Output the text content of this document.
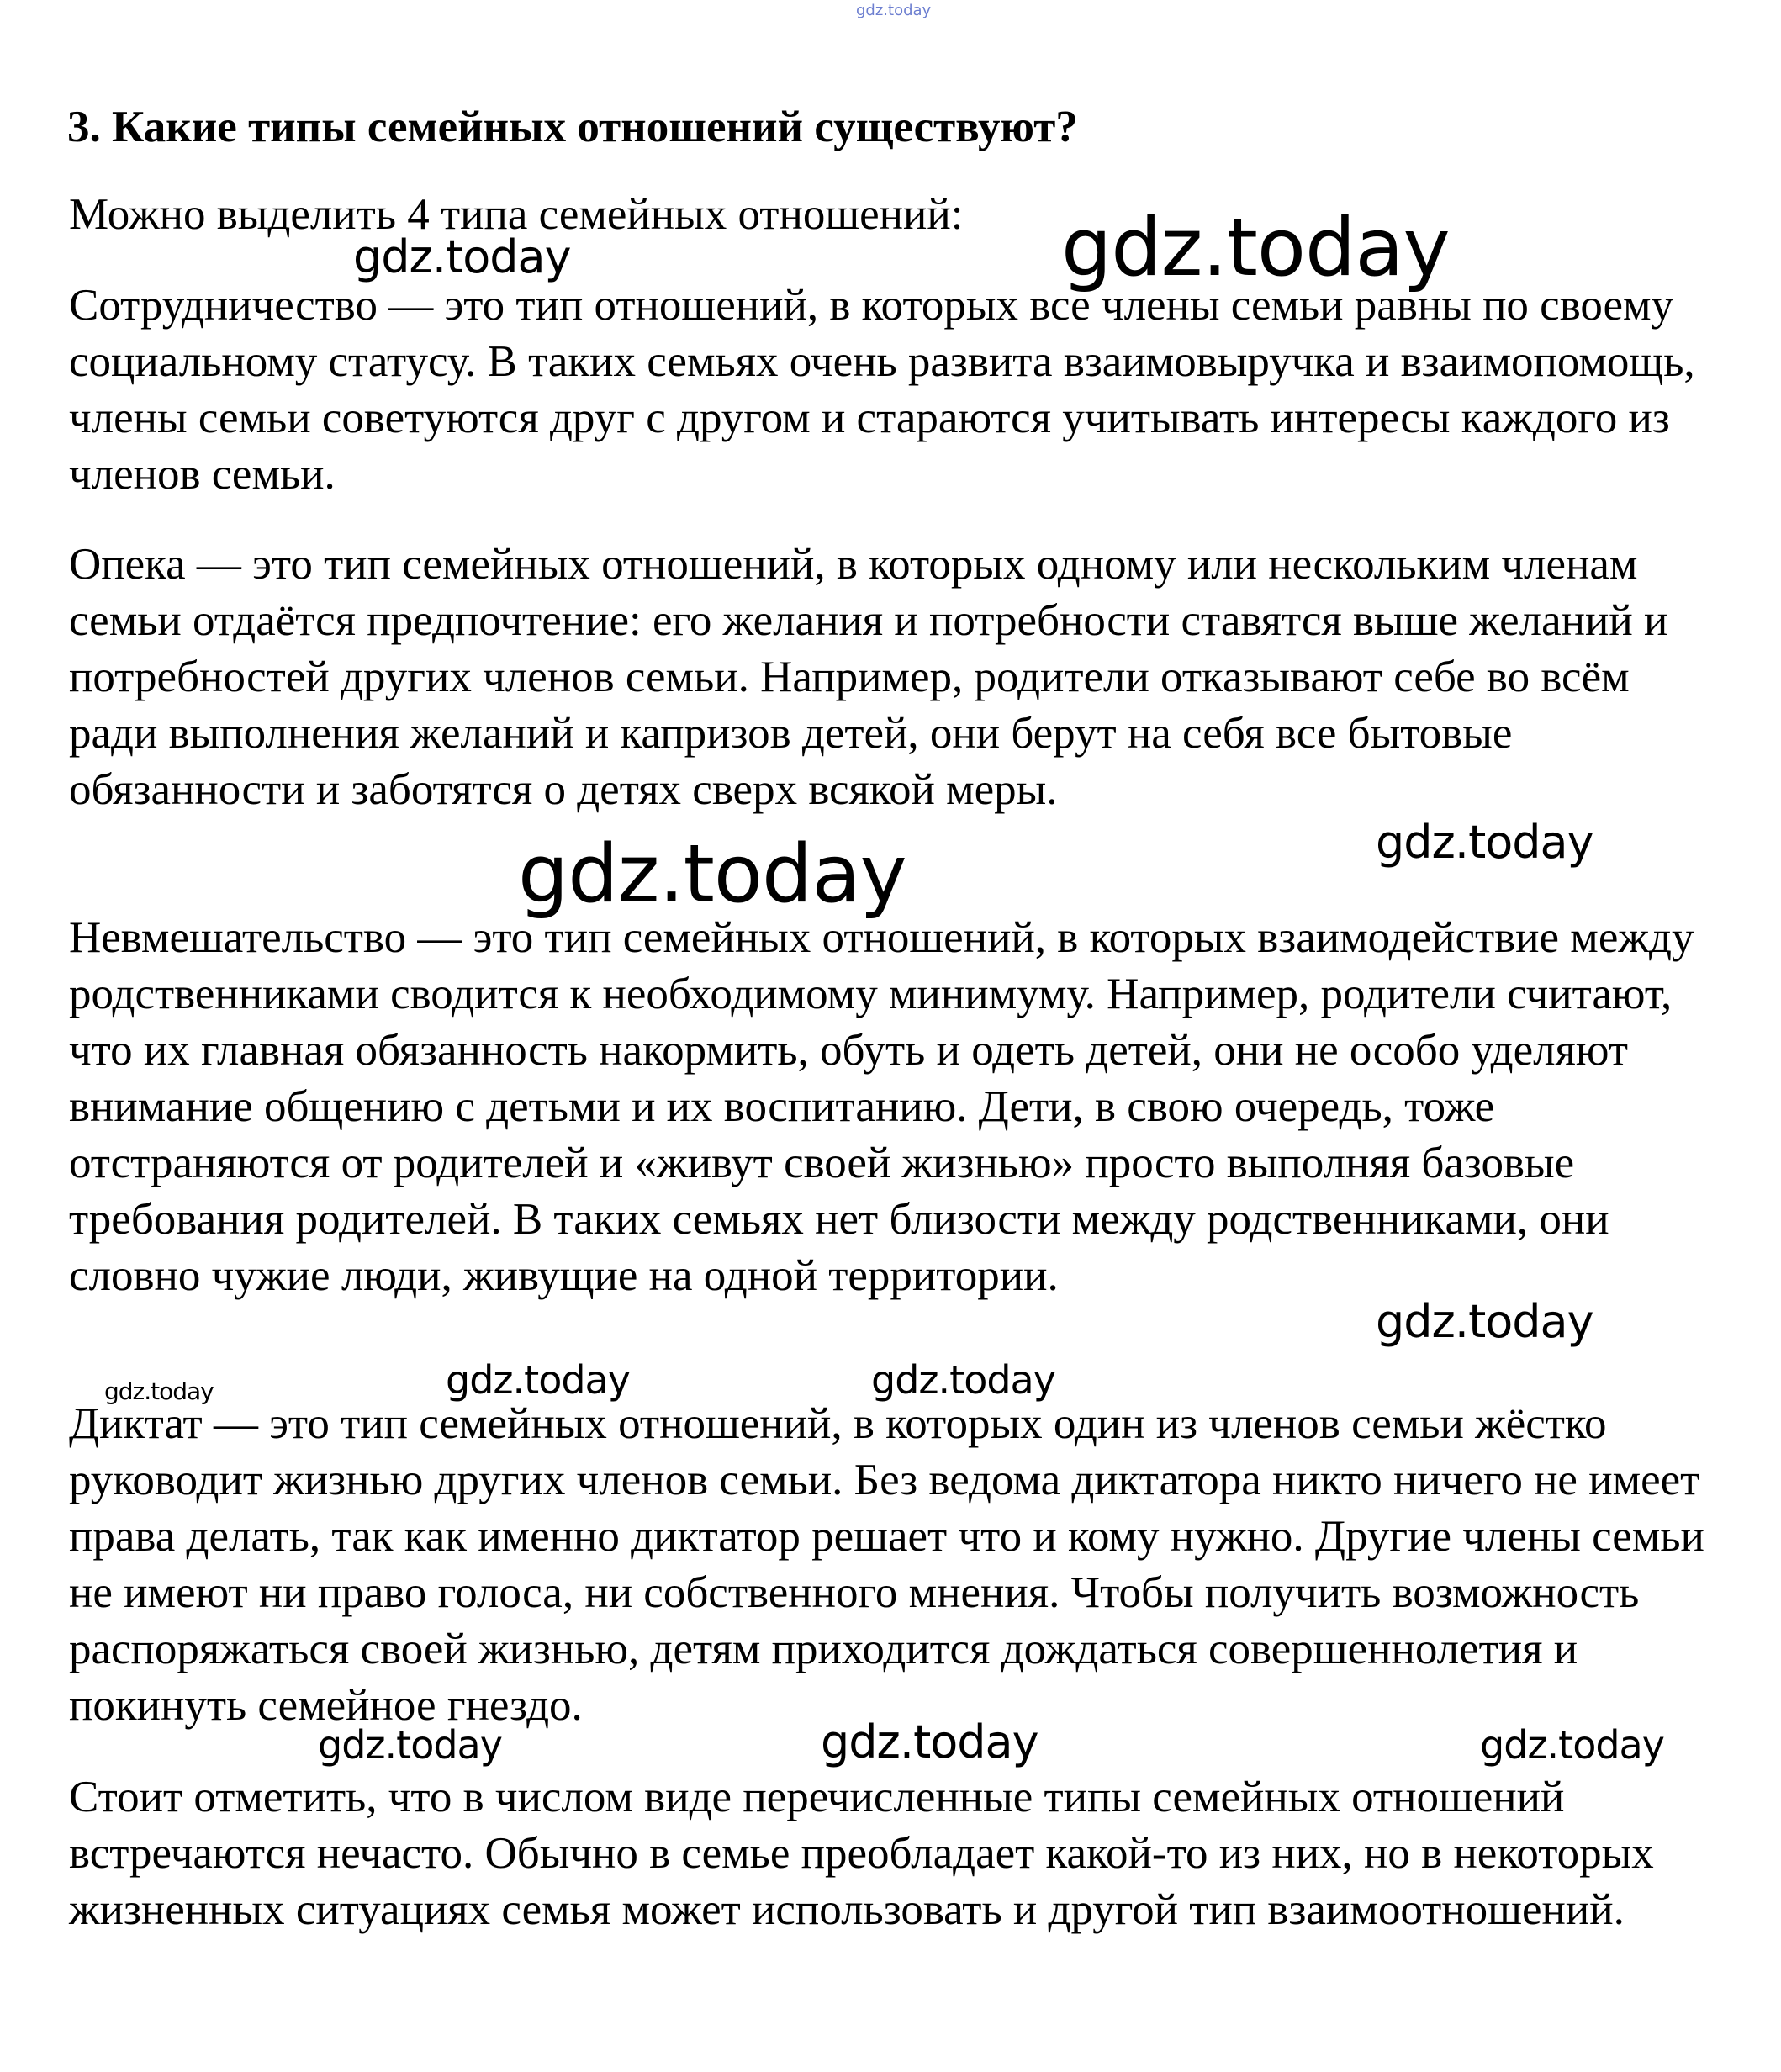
gdz.today
3. Какие типы семейных отношений существуют?

Можно выделить 4 типа семейных отношений:

Сотрудничество — это тип отношений, в которых все члены семьи равны по своему социальному статусу. В таких семьях очень развита взаимовыручка и взаимопомощь, члены семьи советуются друг с другом и стараются учитывать интересы каждого из членов семьи.

Опека — это тип семейных отношений, в которых одному или нескольким членам семьи отдаётся предпочтение: его желания и потребности ставятся выше желаний и потребностей других членов семьи. Например, родители отказывают себе во всём ради выполнения желаний и капризов детей, они берут на себя все бытовые обязанности и заботятся о детях сверх всякой меры.

Невмешательство — это тип семейных отношений, в которых взаимодействие между родственниками сводится к необходимому минимуму. Например, родители считают, что их главная обязанность накормить, обуть и одеть детей, они не особо уделяют внимание общению с детьми и их воспитанию. Дети, в свою очередь, тоже отстраняются от родителей и «живут своей жизнью» просто выполняя базовые требования родителей. В таких семьях нет близости между родственниками, они словно чужие люди, живущие на одной территории.

Диктат — это тип семейных отношений, в которых один из членов семьи жёстко руководит жизнью других членов семьи. Без ведома диктатора никто ничего не имеет права делать, так как именно диктатор решает что и кому нужно. Другие члены семьи не имеют ни право голоса, ни собственного мнения. Чтобы получить возможность распоряжаться своей жизнью, детям приходится дождаться совершеннолетия и покинуть семейное гнездо.

Стоит отметить, что в числом виде перечисленные типы семейных отношений встречаются нечасто. Обычно в семье преобладает какой-то из них, но в некоторых жизненных ситуациях семья может использовать и другой тип взаимоотношений.

gdz.today
gdz.today
gdz.today	gdz.today
gdz.today
gdz.today	gdz.today
gdz.today
gdz.today	gdz.today	gdz.today
